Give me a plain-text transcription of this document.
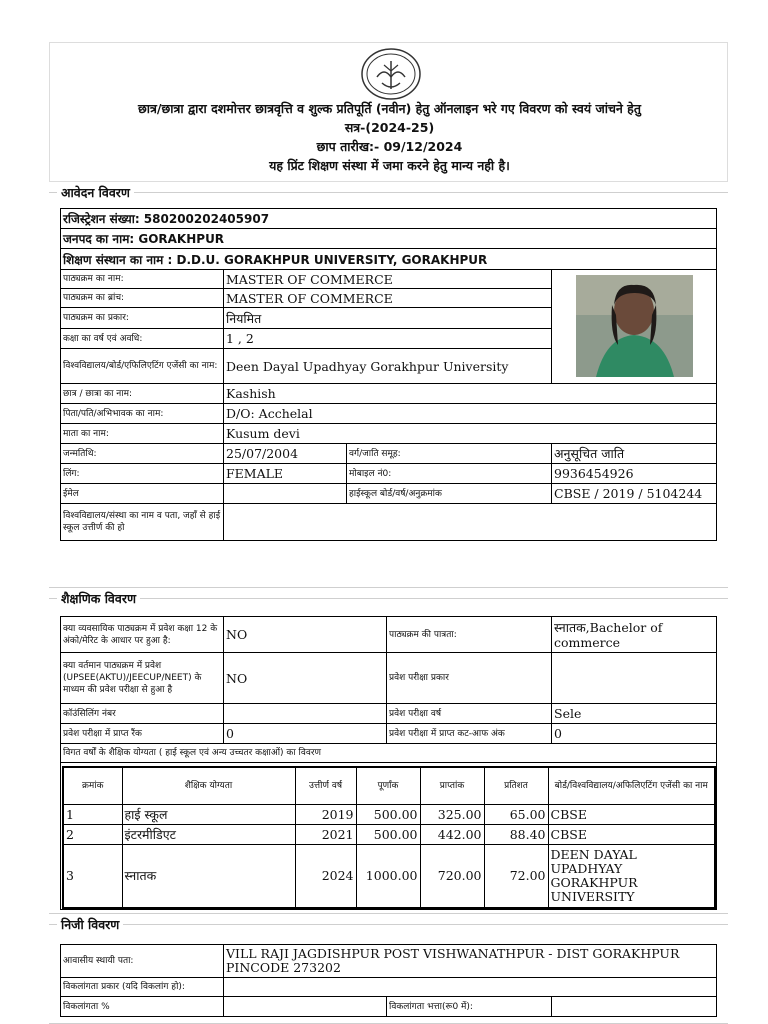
छात्र/छात्रा द्वारा दशमोत्तर छात्रवृत्ति व शुल्क प्रतिपूर्ति (नवीन) हेतु ऑनलाइन भरे गए विवरण को स्वयं जांचने हेतु
सत्र-(2024-25)
छाप तारीख:- 09/12/2024
यह प्रिंट शिक्षण संस्था में जमा करने हेतु मान्य नही है।
आवेदन विवरण
रजिस्ट्रेशन संख्या: 580200202405907			
जनपद का नाम: GORAKHPUR			
शिक्षण संस्थान का नाम : D.D.U. GORAKHPUR UNIVERSITY, GORAKHPUR			
पाठ्यक्रम का नाम:	MASTER OF COMMERCE		
पाठ्यक्रम का ब्रांच:	MASTER OF COMMERCE		
पाठ्यक्रम का प्रकार:	नियमित		
कक्षा का वर्ष एवं अवधि:	1 , 2		
विश्वविद्यालय/बोर्ड/एफिलिएटिंग एजेंसी का नाम:	Deen Dayal Upadhyay Gorakhpur University		
छात्र / छात्रा का नाम:	Kashish		
पिता/पति/अभिभावक का नाम:	D/O: Acchelal		
माता का नाम:	Kusum devi		
जन्मतिथि:	25/07/2004	वर्ग/जाति समूह:	अनुसूचित जाति
लिंग:	FEMALE	मोबाइल नं0:	9936454926
ईमेल		हाईस्कूल बोर्ड/वर्ष/अनुक्रमांक	CBSE / 2019 / 5104244
विश्वविद्यालय/संस्था का नाम व पता, जहाँ से हाई स्कूल उत्तीर्ण की हो			
शैक्षणिक विवरण
क्या व्यवसायिक पाठ्यक्रम में प्रवेश कक्षा 12 के अंको/मेरिट के आधार पर हुआ है:	NO	पाठ्यक्रम की पात्रता:	स्नातक,Bachelor of commerce
क्या वर्तमान पाठ्यक्रम में प्रवेश (UPSEE(AKTU)/JEECUP/NEET) के माध्यम की प्रवेश परीक्षा से हुआ है	NO	प्रवेश परीक्षा प्रकार	
कॉउंसिलिंग नंबर		प्रवेश परीक्षा वर्ष	Sele
प्रवेश परीक्षा में प्राप्त रैंक	0	प्रवेश परीक्षा में प्राप्त कट-आफ अंक	0
विगत वर्षों के शैक्षिक योग्यता ( हाई स्कूल एवं अन्य उच्चतर कक्षाओं) का विवरण			

क्रमांक	शैक्षिक योग्यता	उत्तीर्ण वर्ष	पूर्णांक	प्राप्तांक	प्रतिशत	बोर्ड/विश्वविद्यालय/अफिलिएटिंग एजेंसी का नाम
1	हाई स्कूल	2019	500.00	325.00	65.00	CBSE
2	इंटरमीडिएट	2021	500.00	442.00	88.40	CBSE
3	स्नातक	2024	1000.00	720.00	72.00	DEEN DAYAL UPADHYAY GORAKHPUR UNIVERSITY
निजी विवरण
आवासीय स्थायी पता:	VILL RAJI JAGDISHPUR POST VISHWANATHPUR - DIST GORAKHPUR PINCODE 273202		
विकलांगता प्रकार (यदि विकलांग हो):			
विकलांगता %		विकलांगता भत्ता(रू0 में):	
